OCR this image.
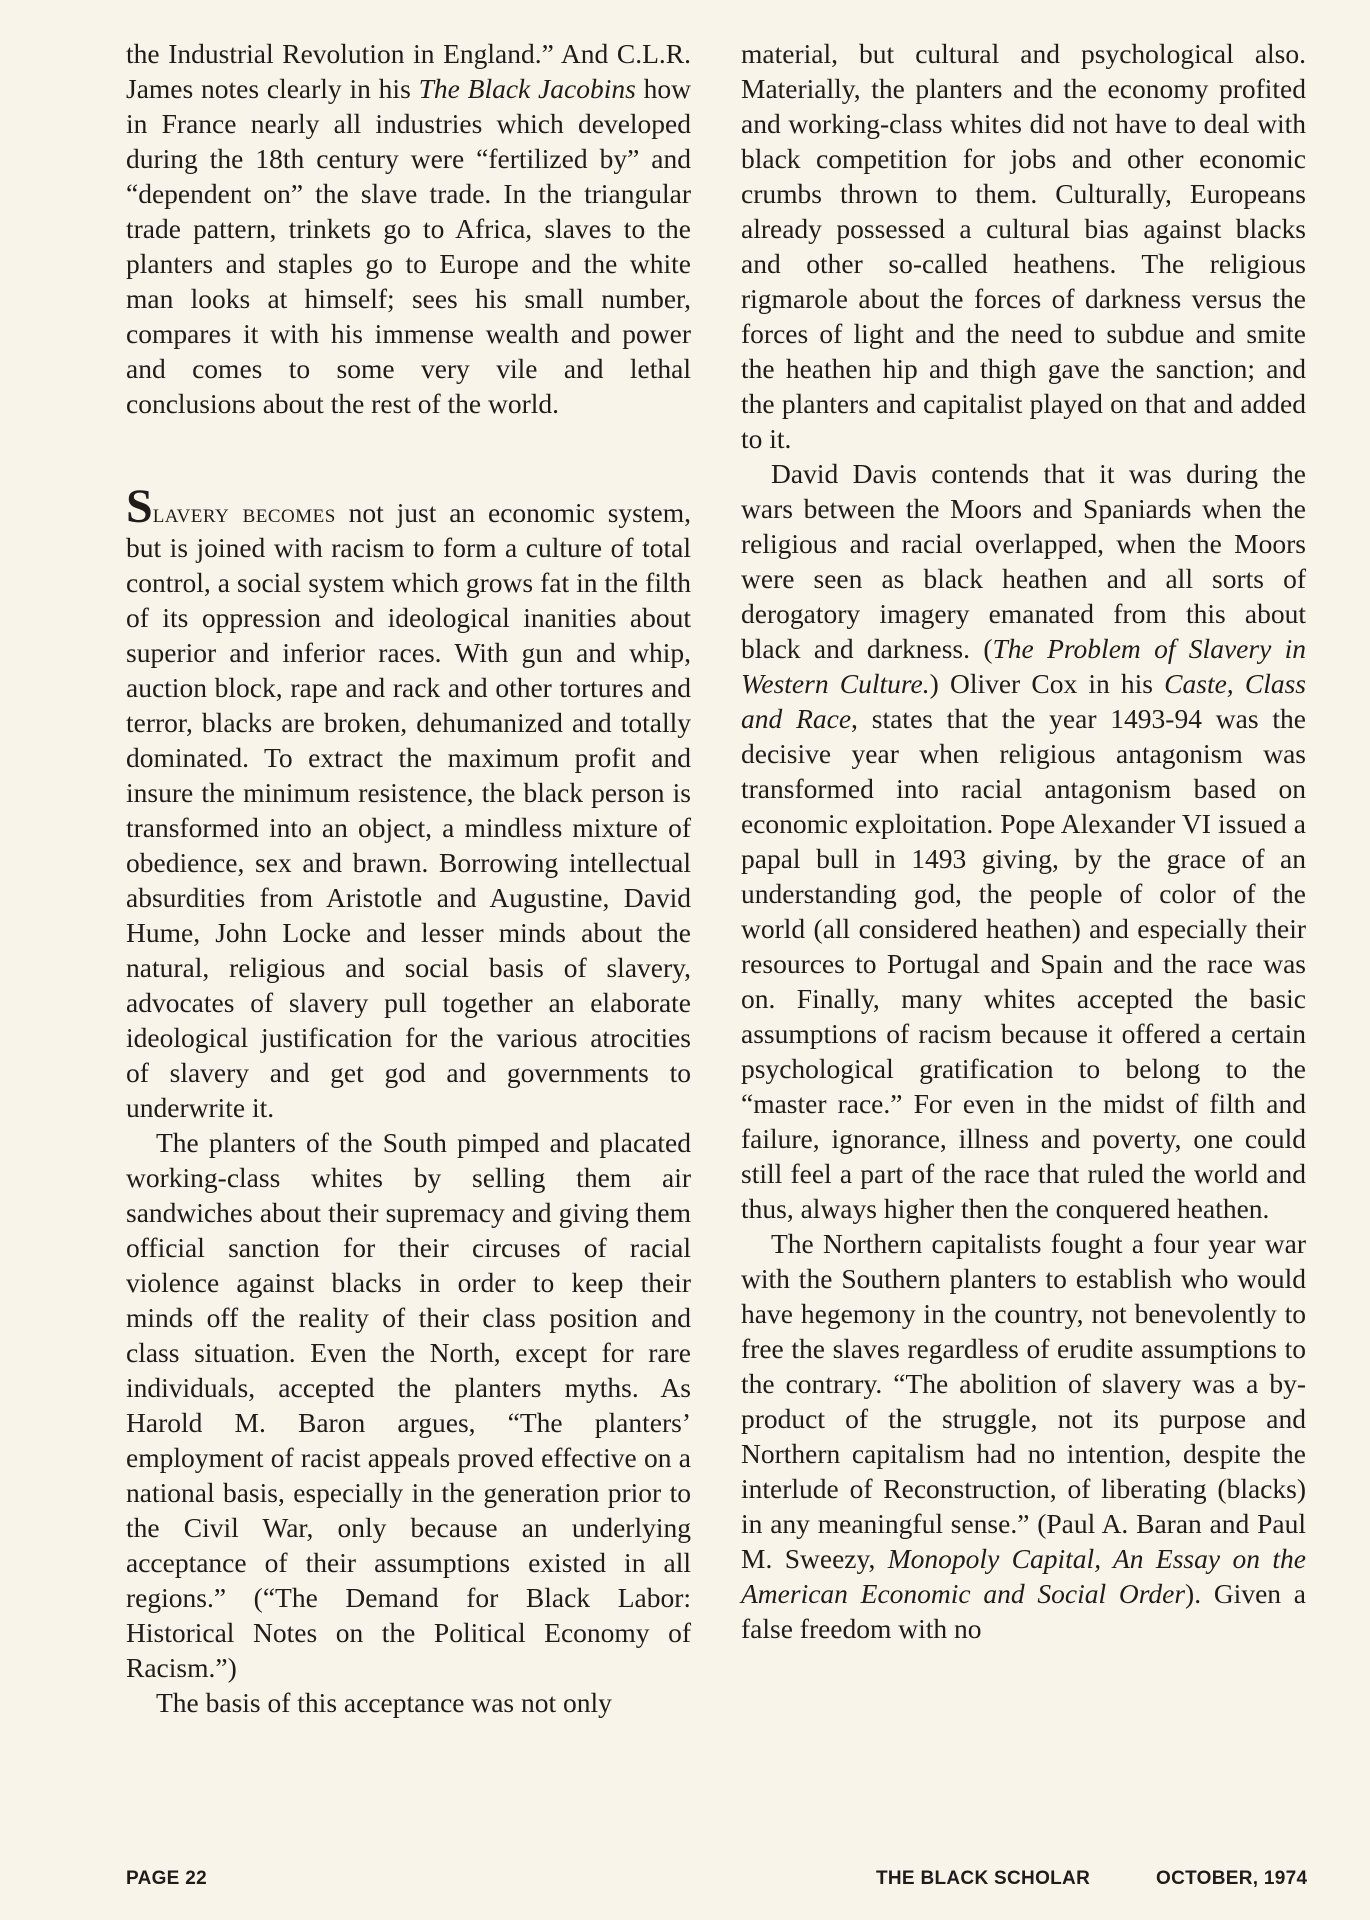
the Industrial Revolution in England.” And C.L.R. James notes clearly in his The Black Jacobins how in France nearly all industries which developed during the 18th century were “fertilized by” and “dependent on” the slave trade. In the triangular trade pattern, trinkets go to Africa, slaves to the planters and staples go to Europe and the white man looks at himself; sees his small number, compares it with his immense wealth and power and comes to some very vile and lethal conclusions about the rest of the world.

Slavery becomes not just an economic system, but is joined with racism to form a culture of total control, a social system which grows fat in the filth of its oppression and ideological inanities about superior and inferior races. With gun and whip, auction block, rape and rack and other tortures and terror, blacks are broken, dehumanized and totally dominated. To extract the maximum profit and insure the minimum resistence, the black person is transformed into an object, a mindless mixture of obedience, sex and brawn. Borrowing intellectual absurdities from Aristotle and Augustine, David Hume, John Locke and lesser minds about the natural, religious and social basis of slavery, advocates of slavery pull together an elaborate ideological justification for the various atrocities of slavery and get god and governments to underwrite it.

The planters of the South pimped and placated working-class whites by selling them air sandwiches about their supremacy and giving them official sanction for their circuses of racial violence against blacks in order to keep their minds off the reality of their class position and class situation. Even the North, except for rare individuals, accepted the planters myths. As Harold M. Baron argues, “The planters’ employment of racist appeals proved effective on a national basis, especially in the generation prior to the Civil War, only because an underlying acceptance of their assumptions existed in all regions.” (“The Demand for Black Labor: Historical Notes on the Political Economy of Racism.”)

The basis of this acceptance was not only

material, but cultural and psychological also. Materially, the planters and the economy profited and working-class whites did not have to deal with black competition for jobs and other economic crumbs thrown to them. Culturally, Europeans already possessed a cultural bias against blacks and other so-called heathens. The religious rigmarole about the forces of darkness versus the forces of light and the need to subdue and smite the heathen hip and thigh gave the sanction; and the planters and capitalist played on that and added to it.

David Davis contends that it was during the wars between the Moors and Spaniards when the religious and racial overlapped, when the Moors were seen as black heathen and all sorts of derogatory imagery emanated from this about black and darkness. (The Problem of Slavery in Western Culture.) Oliver Cox in his Caste, Class and Race, states that the year 1493-94 was the decisive year when religious antagonism was transformed into racial antagonism based on economic exploitation. Pope Alexander VI issued a papal bull in 1493 giving, by the grace of an understanding god, the people of color of the world (all considered heathen) and especially their resources to Portugal and Spain and the race was on. Finally, many whites accepted the basic assumptions of racism because it offered a certain psychological gratification to belong to the “master race.” For even in the midst of filth and failure, ignorance, illness and poverty, one could still feel a part of the race that ruled the world and thus, always higher then the conquered heathen.

The Northern capitalists fought a four year war with the Southern planters to establish who would have hegemony in the country, not benevolently to free the slaves regardless of erudite assumptions to the contrary. “The abolition of slavery was a by-product of the struggle, not its purpose and Northern capitalism had no intention, despite the interlude of Reconstruction, of liberating (blacks) in any meaningful sense.” (Paul A. Baran and Paul M. Sweezy, Monopoly Capital, An Essay on the American Economic and Social Order). Given a false freedom with no

PAGE 22	THE BLACK SCHOLAR	OCTOBER, 1974
